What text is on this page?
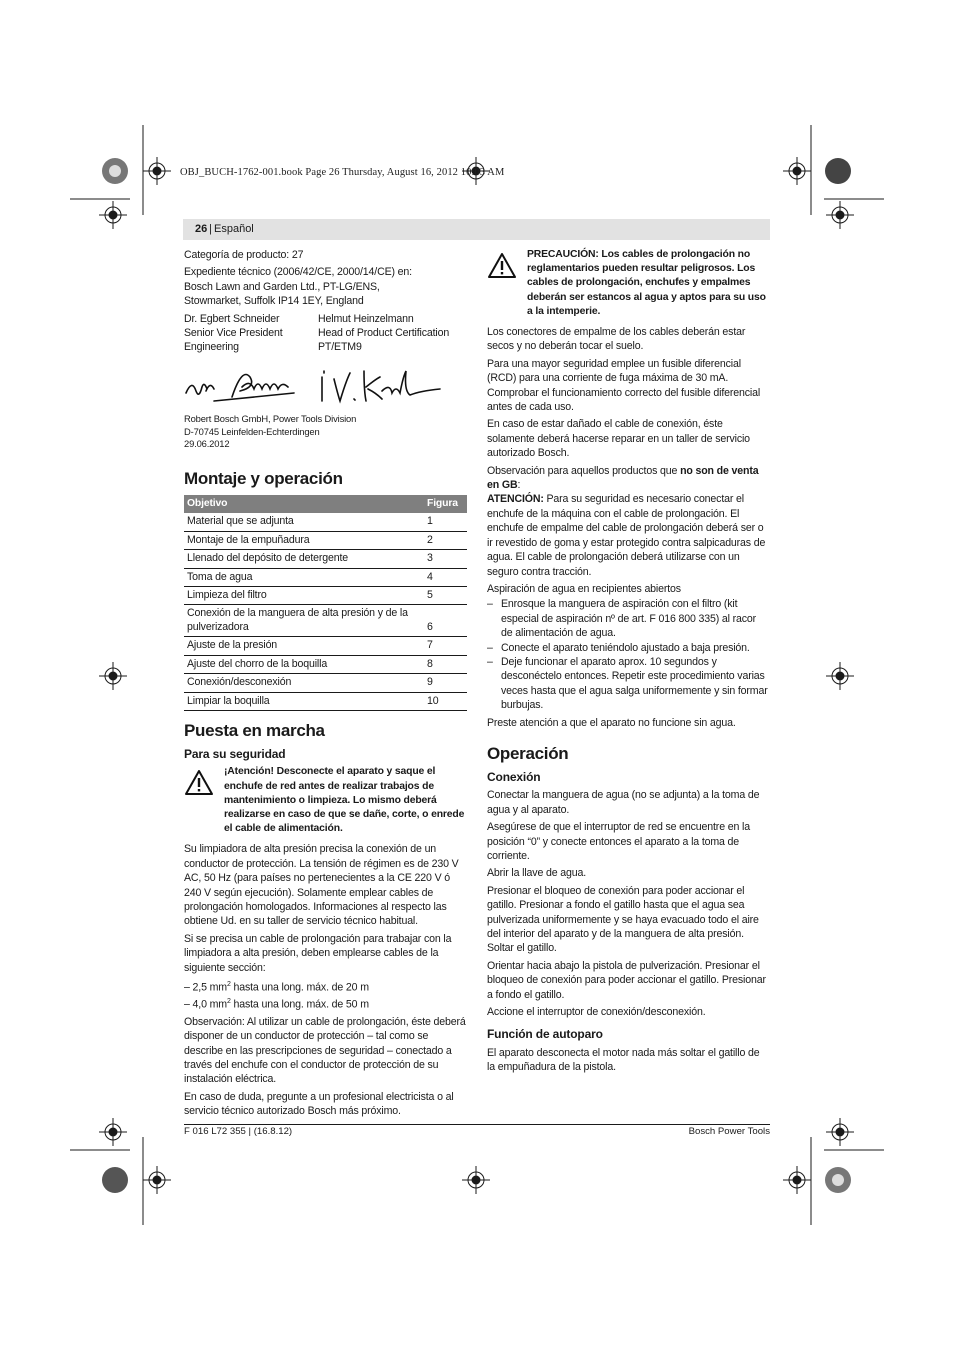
OBJ_BUCH-1762-001.book Page 26 Thursday, August 16, 2012 10:03 AM
26 | Español

Categoría de producto: 27

Expediente técnico (2006/42/CE, 2000/14/CE) en:
Bosch Lawn and Garden Ltd., PT-LG/ENS,
Stowmarket, Suffolk IP14 1EY, England
Dr. Egbert Schneider
Senior Vice President
Engineering
Helmut Heinzelmann
Head of Product Certification
PT/ETM9
Robert Bosch GmbH, Power Tools Division
D-70745 Leinfelden-Echterdingen
29.06.2012
Montaje y operación
Objetivo	Figura
Material que se adjunta	1
Montaje de la empuñadura	2
Llenado del depósito de detergente	3
Toma de agua	4
Limpieza del filtro	5
Conexión de la manguera de alta presión y de la pulverizadora	6
Ajuste de la presión	7
Ajuste del chorro de la boquilla	8
Conexión/desconexión	9
Limpiar la boquilla	10
Puesta en marcha
Para su seguridad
¡Atención! Desconecte el aparato y saque el enchufe de red antes de realizar trabajos de mantenimiento o limpieza. Lo mismo deberá realizarse en caso de que se dañe, corte, o enrede el cable de alimentación.

Su limpiadora de alta presión precisa la conexión de un conductor de protección. La tensión de régimen es de 230 V AC, 50 Hz (para países no pertenecientes a la CE 220 V ó 240 V según ejecución). Solamente emplear cables de prolongación homologados. Informaciones al respecto las obtiene Ud. en su taller de servicio técnico habitual.

Si se precisa un cable de prolongación para trabajar con la limpiadora a alta presión, deben emplearse cables de la siguiente sección:

– 2,5 $mm^2$ hasta una long. máx. de 20 m
– 4,0 $mm^2$ hasta una long. máx. de 50 m

Observación: Al utilizar un cable de prolongación, éste deberá disponer de un conductor de protección – tal como se describe en las prescripciones de seguridad – conectado a través del enchufe con el conductor de protección de su instalación eléctrica.

En caso de duda, pregunte a un profesional electricista o al servicio técnico autorizado Bosch más próximo.

PRECAUCIÓN: Los cables de prolongación no reglamentarios pueden resultar peligrosos. Los cables de prolongación, enchufes y empalmes deberán ser estancos al agua y aptos para su uso a la intemperie.

Los conectores de empalme de los cables deberán estar secos y no deberán tocar el suelo.

Para una mayor seguridad emplee un fusible diferencial (RCD) para una corriente de fuga máxima de 30 mA. Comprobar el funcionamiento correcto del fusible diferencial antes de cada uso.

En caso de estar dañado el cable de conexión, éste solamente deberá hacerse reparar en un taller de servicio autorizado Bosch.

Observación para aquellos productos que no son de venta en GB:

ATENCIÓN: Para su seguridad es necesario conectar el enchufe de la máquina con el cable de prolongación. El enchufe de empalme del cable de prolongación deberá ser o ir revestido de goma y estar protegido contra salpicaduras de agua. El cable de prolongación deberá utilizarse con un seguro contra tracción.

Aspiración de agua en recipientes abiertos

– Enrosque la manguera de aspiración con el filtro (kit especial de aspiración nº de art. F 016 800 335) al racor de alimentación de agua.
– Conecte el aparato teniéndolo ajustado a baja presión.
– Deje funcionar el aparato aprox. 10 segundos y desconéctelo entonces. Repetir este procedimiento varias veces hasta que el agua salga uniformemente y sin formar burbujas.

Preste atención a que el aparato no funcione sin agua.

Operación
Conexión

Conectar la manguera de agua (no se adjunta) a la toma de agua y al aparato.

Asegúrese de que el interruptor de red se encuentre en la posición “0” y conecte entonces el aparato a la toma de corriente.

Abrir la llave de agua.

Presionar el bloqueo de conexión para poder accionar el gatillo. Presionar a fondo el gatillo hasta que el agua sea pulverizada uniformemente y se haya evacuado todo el aire del interior del aparato y de la manguera de alta presión. Soltar el gatillo.

Orientar hacia abajo la pistola de pulverización. Presionar el bloqueo de conexión para poder accionar el gatillo. Presionar a fondo el gatillo.

Accione el interruptor de conexión/desconexión.

Función de autoparo

El aparato desconecta el motor nada más soltar el gatillo de la empuñadura de la pistola.

F 016 L72 355 | (16.8.12)	Bosch Power Tools
